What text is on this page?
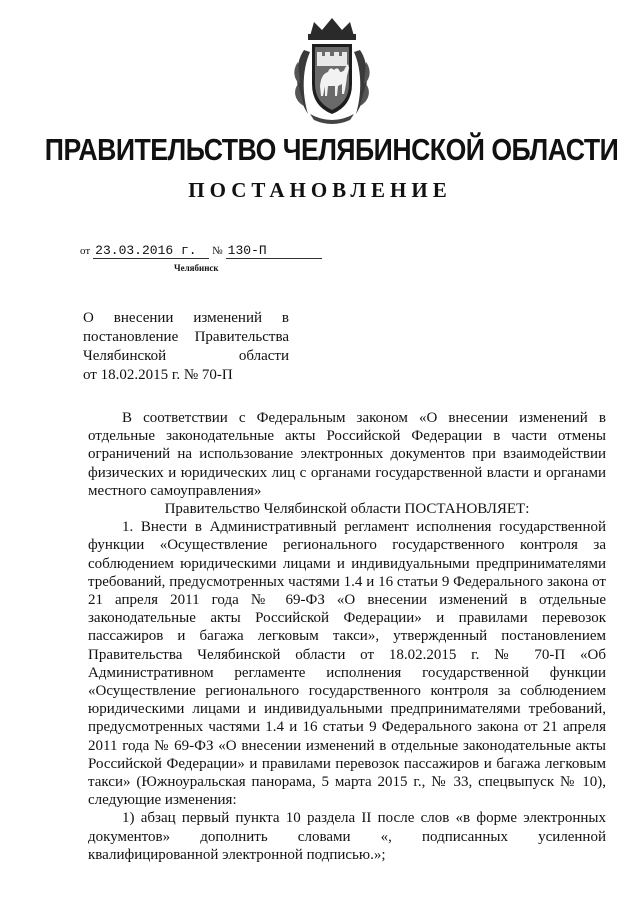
ПРАВИТЕЛЬСТВО ЧЕЛЯБИНСКОЙ ОБЛАСТИ
ПОСТАНОВЛЕНИЕ
от 23.03.2016 г. № 130-П
Челябинск

О внесении изменений в

постановление Правительства

Челябинской области

от 18.02.2015 г. № 70-П

В соответствии с Федеральным законом «О внесении изменений в отдельные законодательные акты Российской Федерации в части отмены ограничений на использование электронных документов при взаимодействии физических и юридических лиц с органами государственной власти и органами местного самоуправления»

Правительство Челябинской области ПОСТАНОВЛЯЕТ:

1. Внести в Административный регламент исполнения государственной функции «Осуществление регионального государственного контроля за соблюдением юридическими лицами и индивидуальными предпринимателями требований, предусмотренных частями 1.4 и 16 статьи 9 Федерального закона от 21 апреля 2011 года № 69-ФЗ «О внесении изменений в отдельные законодательные акты Российской Федерации» и правилами перевозок пассажиров и багажа легковым такси», утвержденный постановлением Правительства Челябинской области от 18.02.2015 г. № 70-П «Об Административном регламенте исполнения государственной функции «Осуществление регионального государственного контроля за соблюдением юридическими лицами и индивидуальными предпринимателями требований, предусмотренных частями 1.4 и 16 статьи 9 Федерального закона от 21 апреля 2011 года № 69-ФЗ «О внесении изменений в отдельные законодательные акты Российской Федерации» и правилами перевозок пассажиров и багажа легковым такси» (Южноуральская панорама, 5 марта 2015 г., № 33, спецвыпуск № 10), следующие изменения:

1) абзац первый пункта 10 раздела II после слов «в форме электронных документов» дополнить словами «, подписанных усиленной квалифицированной электронной подписью.»;
